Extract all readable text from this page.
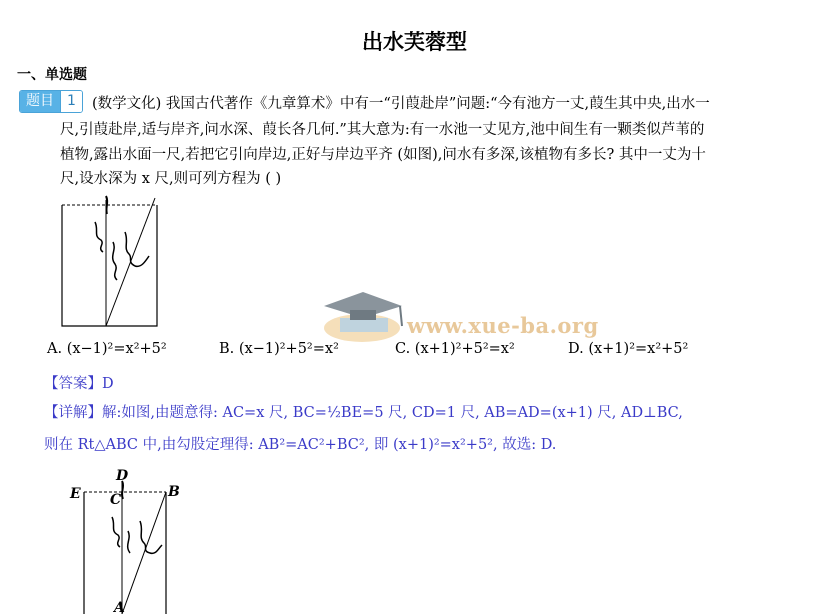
出水芙蓉型
一、单选题
题目 1	(数学文化) 我国古代著作《九章算术》中有一“引葭赴岸”问题:“今有池方一丈,葭生其中央,出水一
尺,引葭赴岸,适与岸齐,问水深、葭长各几何.”其大意为:有一水池一丈见方,池中间生有一颗类似芦苇的
植物,露出水面一尺,若把它引向岸边,正好与岸边平齐 (如图),问水有多深,该植物有多长? 其中一丈为十
尺,设水深为 x 尺,则可列方程为 ( )
www.xue-ba.org
A. (x−1)²=x²+5²	B. (x−1)²+5²=x²	C. (x+1)²+5²=x²	D. (x+1)²=x²+5²
【答案】D
【详解】解:如图,由题意得: AC=x 尺, BC=½BE=5 尺, CD=1 尺, AB=AD=(x+1) 尺, AD⊥BC,
则在 Rt△ABC 中,由勾股定理得: AB²=AC²+BC², 即 (x+1)²=x²+5², 故选: D.
D
E C	B
A
